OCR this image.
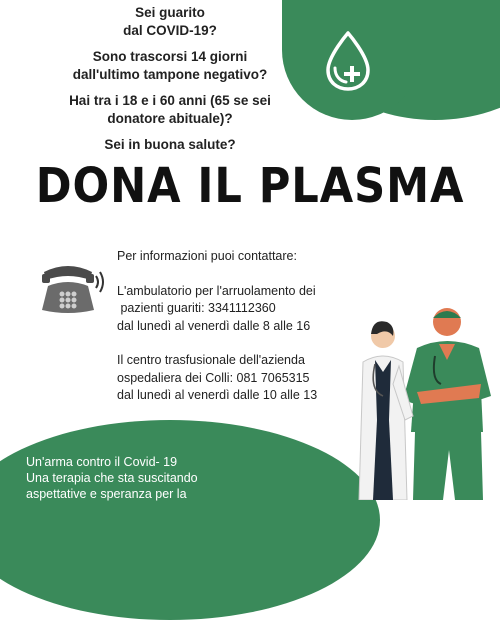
Sei guarito
dal COVID-19?

Sono trascorsi 14 giorni
dall'ultimo tampone negativo?

Hai tra i 18 e i 60 anni (65 se sei
donatore abituale)?

Sei in buona salute?

DONA IL PLASMA
Per informazioni puoi contattare:
L'ambulatorio per l'arruolamento dei
pazienti guariti: 3341112360
dal lunedì al venerdì dalle 8 alle 16
Il centro trasfusionale dell'azienda
ospedaliera dei Colli: 081 7065315
dal lunedì al venerdì dalle 10 alle 13
Un'arma contro il Covid- 19
Una terapia che sta suscitando
aspettative e speranza per la
